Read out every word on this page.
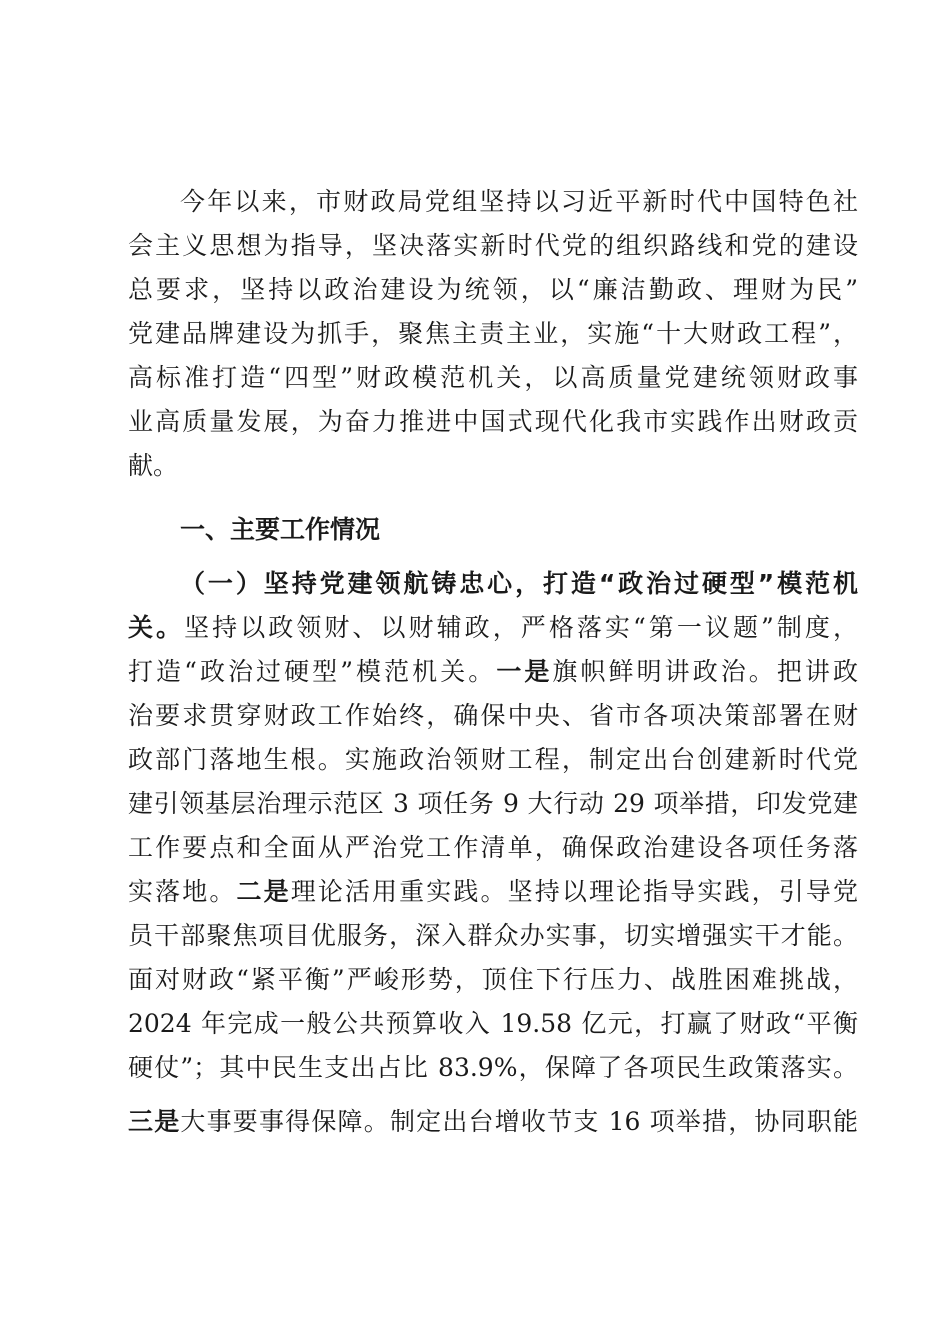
今年以来，市财政局党组坚持以习近平新时代中国特色社
会主义思想为指导，坚决落实新时代党的组织路线和党的建设
总要求，坚持以政治建设为统领，以“廉洁勤政、理财为民”
党建品牌建设为抓手，聚焦主责主业，实施“十大财政工程”，
高标准打造“四型”财政模范机关，以高质量党建统领财政事
业高质量发展，为奋力推进中国式现代化我市实践作出财政贡
献。
一、主要工作情况
（一）坚持党建领航铸忠心，打造“政治过硬型”模范机
关。坚持以政领财、以财辅政，严格落实“第一议题”制度，
打造“政治过硬型”模范机关。一是旗帜鲜明讲政治。把讲政
治要求贯穿财政工作始终，确保中央、省市各项决策部署在财
政部门落地生根。实施政治领财工程，制定出台创建新时代党
建引领基层治理示范区 3 项任务 9 大行动 29 项举措，印发党建
工作要点和全面从严治党工作清单，确保政治建设各项任务落
实落地。二是理论活用重实践。坚持以理论指导实践，引导党
员干部聚焦项目优服务，深入群众办实事，切实增强实干才能。
面对财政“紧平衡”严峻形势，顶住下行压力、战胜困难挑战，
2024 年完成一般公共预算收入 19.58 亿元，打赢了财政“平衡
硬仗”；其中民生支出占比 83.9%，保障了各项民生政策落实。
三是大事要事得保障。制定出台增收节支 16 项举措，协同职能
